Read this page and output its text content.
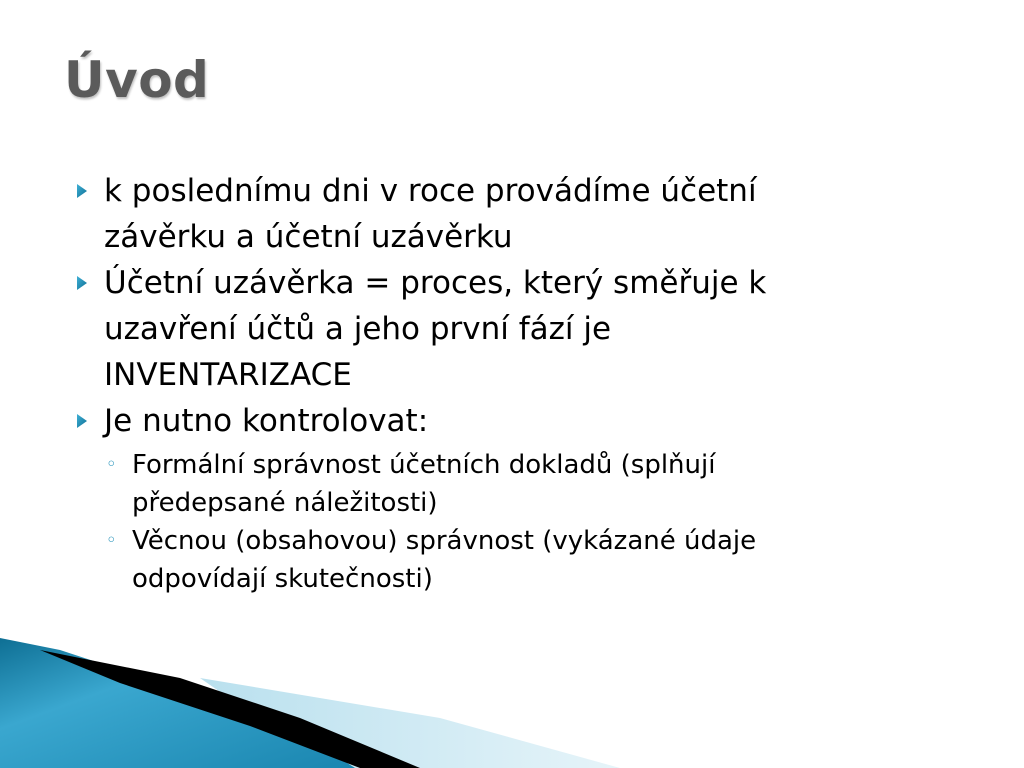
Úvod
k poslednímu dni v roce provádíme účetní
závěrku a účetní uzávěrku
Účetní uzávěrka = proces, který směřuje k
uzavření účtů a jeho první fází je
INVENTARIZACE
Je nutno kontrolovat:
◦ Formální správnost účetních dokladů (splňují
předepsané náležitosti)
◦ Věcnou (obsahovou) správnost (vykázané údaje
odpovídají skutečnosti)
